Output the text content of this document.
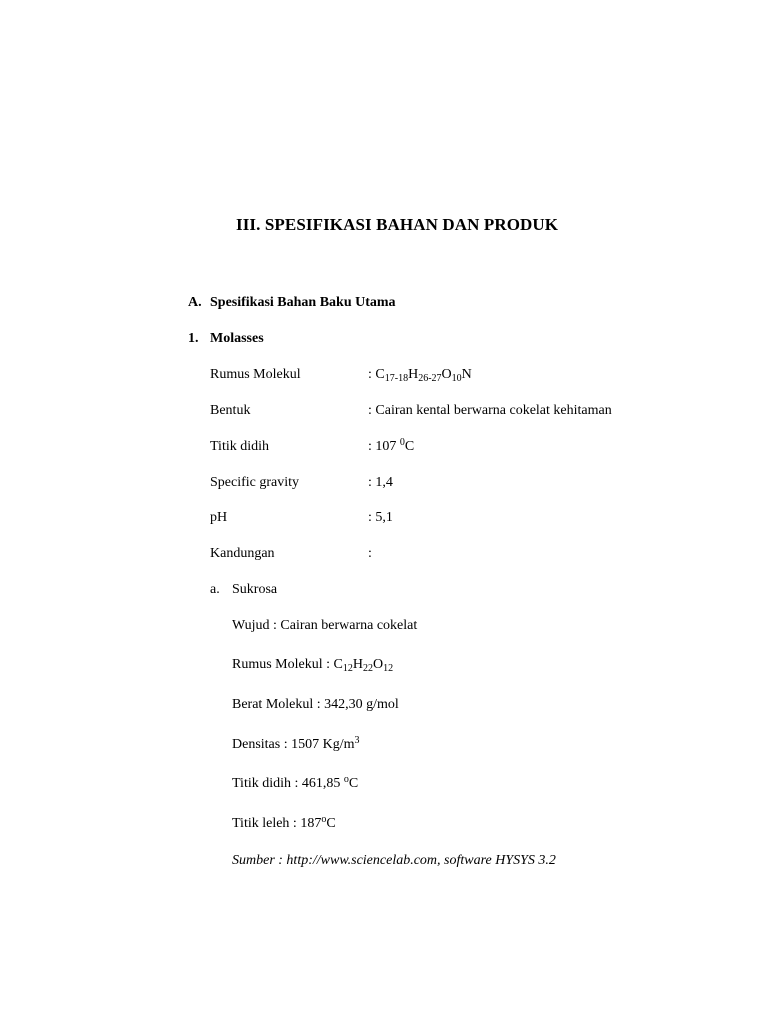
III. SPESIFIKASI BAHAN DAN PRODUK
A. Spesifikasi Bahan Baku Utama
1. Molasses
Rumus Molekul	: $C_{17-18}H_{26-27}O_{10}N$
Bentuk	: Cairan kental berwarna cokelat kehitaman
Titik didih	: 107 $^0$C
Specific gravity	: 1,4
pH	: 5,1
Kandungan	:
a. Sukrosa
Wujud : Cairan berwarna cokelat
Rumus Molekul : $C_{12}H_{22}O_{12}$
Berat Molekul : 342,30 g/mol
Densitas : 1507 $Kg/m^3$
Titik didih : 461,85 $^o$C
Titik leleh : 187$^o$C
Sumber : http://www.sciencelab.com, software HYSYS 3.2
